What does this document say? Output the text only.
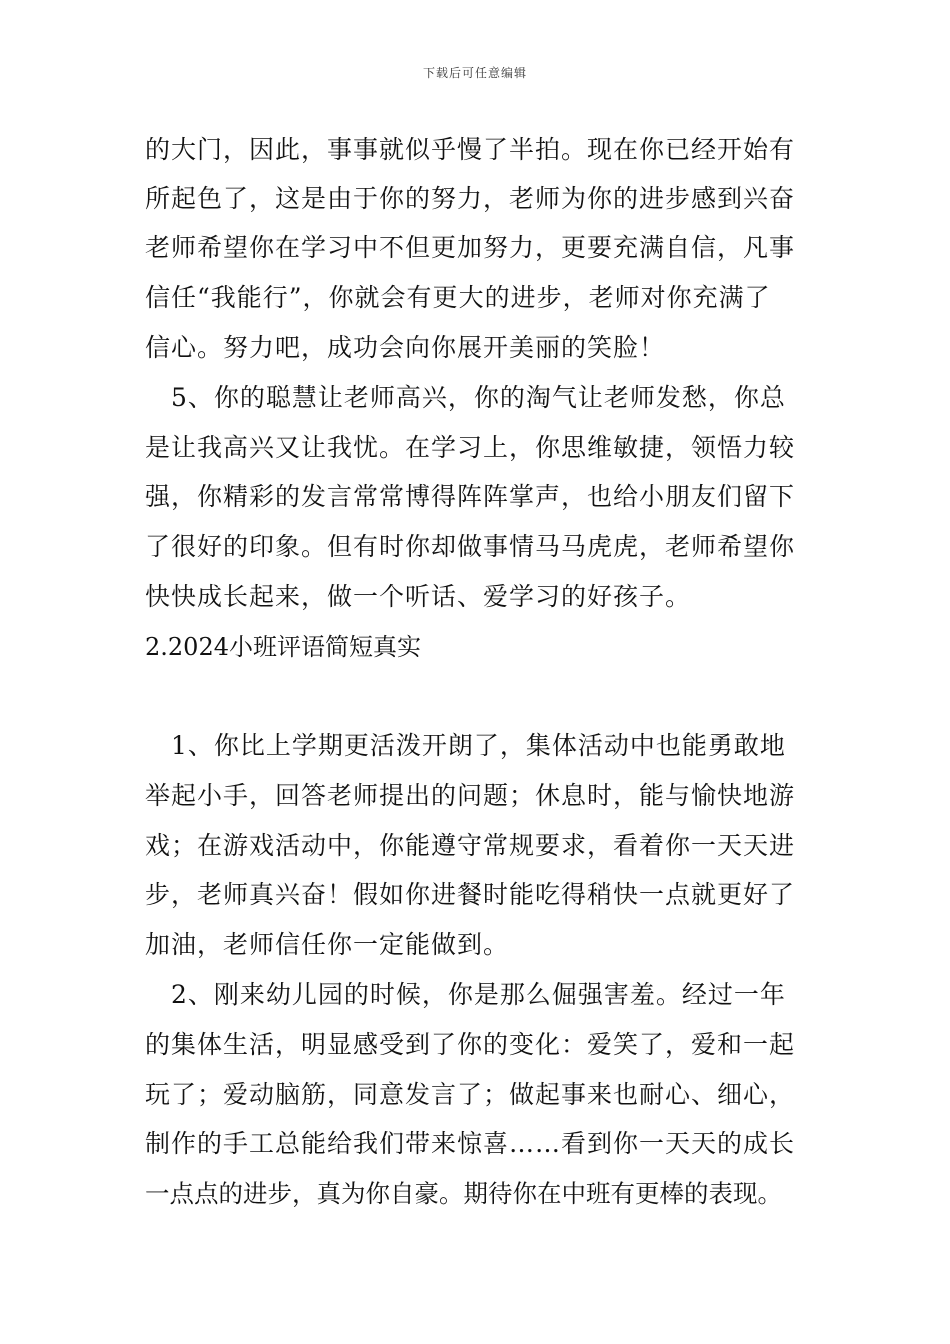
下载后可任意编辑
的大门，因此，事事就似乎慢了半拍。现在你已经开始有
所起色了，这是由于你的努力，老师为你的进步感到兴奋
老师希望你在学习中不但更加努力，更要充满自信，凡事
信任“我能行”，你就会有更大的进步，老师对你充满了
信心。努力吧，成功会向你展开美丽的笑脸！
　5、你的聪慧让老师高兴，你的淘气让老师发愁，你总
是让我高兴又让我忧。在学习上，你思维敏捷，领悟力较
强，你精彩的发言常常博得阵阵掌声，也给小朋友们留下
了很好的印象。但有时你却做事情马马虎虎，老师希望你
快快成长起来，做一个听话、爱学习的好孩子。
2.2024小班评语简短真实
　1、你比上学期更活泼开朗了，集体活动中也能勇敢地
举起小手，回答老师提出的问题；休息时，能与愉快地游
戏；在游戏活动中，你能遵守常规要求，看着你一天天进
步，老师真兴奋！假如你进餐时能吃得稍快一点就更好了
加油，老师信任你一定能做到。
　2、刚来幼儿园的时候，你是那么倔强害羞。经过一年
的集体生活，明显感受到了你的变化：爱笑了，爱和一起
玩了；爱动脑筋，同意发言了；做起事来也耐心、细心，
制作的手工总能给我们带来惊喜……看到你一天天的成长
一点点的进步，真为你自豪。期待你在中班有更棒的表现。
